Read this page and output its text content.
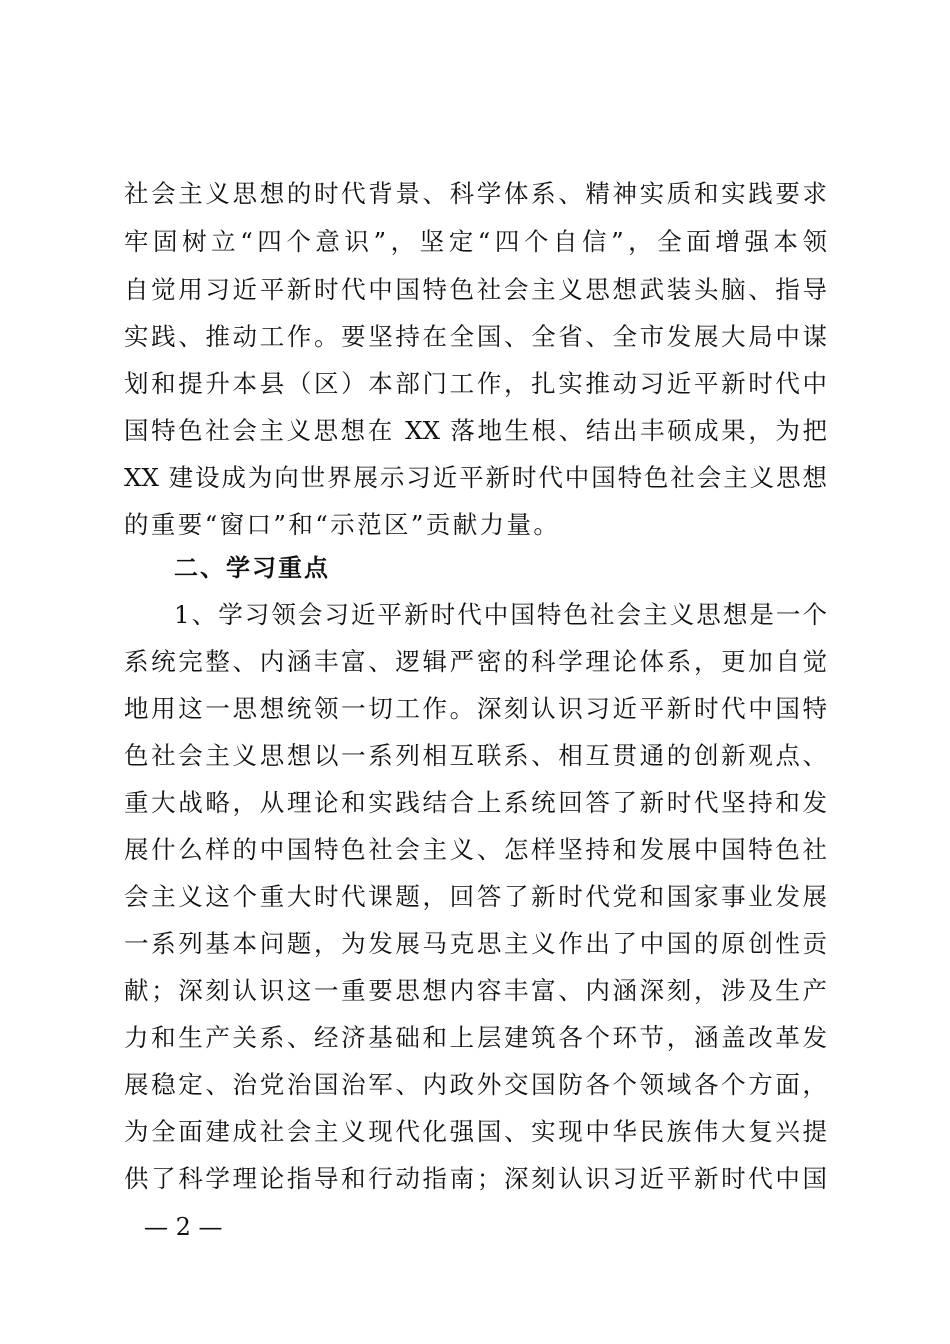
社会主义思想的时代背景、科学体系、精神实质和实践要求
牢固树立“四个意识”，坚定“四个自信”，全面增强本领
自觉用习近平新时代中国特色社会主义思想武装头脑、指导
实践、推动工作。要坚持在全国、全省、全市发展大局中谋
划和提升本县（区）本部门工作，扎实推动习近平新时代中
国特色社会主义思想在 XX 落地生根、结出丰硕成果，为把
XX 建设成为向世界展示习近平新时代中国特色社会主义思想
的重要“窗口”和“示范区”贡献力量。
二、学习重点
1、学习领会习近平新时代中国特色社会主义思想是一个
系统完整、内涵丰富、逻辑严密的科学理论体系，更加自觉
地用这一思想统领一切工作。深刻认识习近平新时代中国特
色社会主义思想以一系列相互联系、相互贯通的创新观点、
重大战略，从理论和实践结合上系统回答了新时代坚持和发
展什么样的中国特色社会主义、怎样坚持和发展中国特色社
会主义这个重大时代课题，回答了新时代党和国家事业发展
一系列基本问题，为发展马克思主义作出了中国的原创性贡
献；深刻认识这一重要思想内容丰富、内涵深刻，涉及生产
力和生产关系、经济基础和上层建筑各个环节，涵盖改革发
展稳定、治党治国治军、内政外交国防各个领域各个方面，
为全面建成社会主义现代化强国、实现中华民族伟大复兴提
供了科学理论指导和行动指南；深刻认识习近平新时代中国
— 2 —
